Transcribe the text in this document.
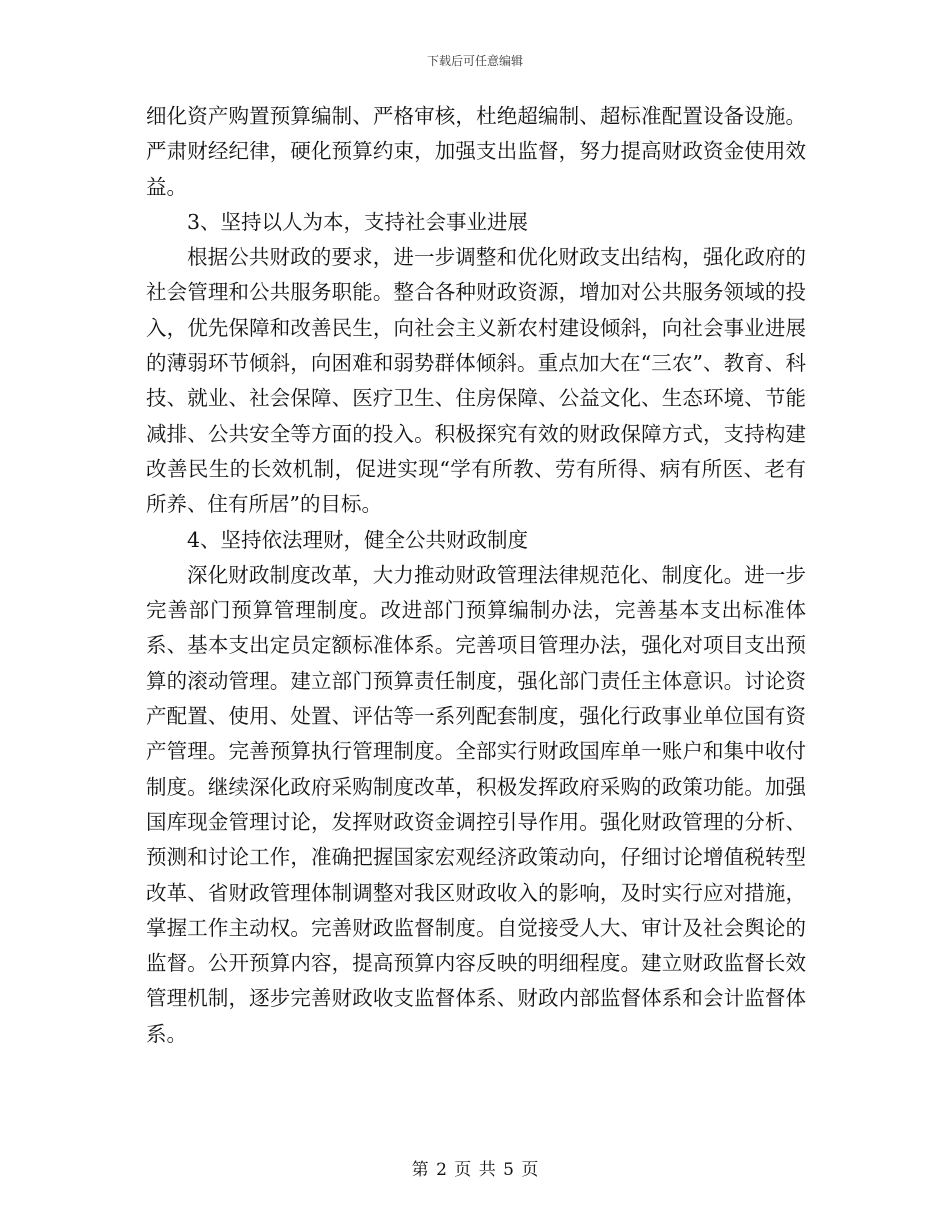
下载后可任意编辑

细化资产购置预算编制、严格审核，杜绝超编制、超标准配置设备设施。严肃财经纪律，硬化预算约束，加强支出监督，努力提高财政资金使用效益。

3、坚持以人为本，支持社会事业进展

根据公共财政的要求，进一步调整和优化财政支出结构，强化政府的社会管理和公共服务职能。整合各种财政资源，增加对公共服务领域的投入，优先保障和改善民生，向社会主义新农村建设倾斜，向社会事业进展的薄弱环节倾斜，向困难和弱势群体倾斜。重点加大在“三农”、教育、科技、就业、社会保障、医疗卫生、住房保障、公益文化、生态环境、节能减排、公共安全等方面的投入。积极探究有效的财政保障方式，支持构建改善民生的长效机制，促进实现“学有所教、劳有所得、病有所医、老有所养、住有所居”的目标。

4、坚持依法理财，健全公共财政制度

深化财政制度改革，大力推动财政管理法律规范化、制度化。进一步完善部门预算管理制度。改进部门预算编制办法，完善基本支出标准体系、基本支出定员定额标准体系。完善项目管理办法，强化对项目支出预算的滚动管理。建立部门预算责任制度，强化部门责任主体意识。讨论资产配置、使用、处置、评估等一系列配套制度，强化行政事业单位国有资产管理。完善预算执行管理制度。全部实行财政国库单一账户和集中收付制度。继续深化政府采购制度改革，积极发挥政府采购的政策功能。加强国库现金管理讨论，发挥财政资金调控引导作用。强化财政管理的分析、预测和讨论工作，准确把握国家宏观经济政策动向，仔细讨论增值税转型改革、省财政管理体制调整对我区财政收入的影响，及时实行应对措施，掌握工作主动权。完善财政监督制度。自觉接受人大、审计及社会舆论的监督。公开预算内容，提高预算内容反映的明细程度。建立财政监督长效管理机制，逐步完善财政收支监督体系、财政内部监督体系和会计监督体系。

第 2 页 共 5 页
